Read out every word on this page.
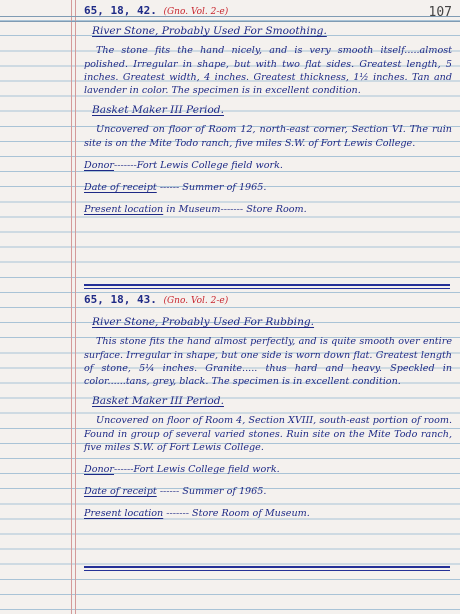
107
65, 18, 42. (Gno. Vol. 2-e)
River Stone, Probably Used For Smoothing.

The stone fits the hand nicely, and is very smooth itself.....almost polished. Irregular in shape, but with two flat sides. Greatest length, 5 inches. Greatest width, 4 inches. Greatest thickness, 1½ inches. Tan and lavender in color. The specimen is in excellent condition.

Basket Maker III Period.

Uncovered on floor of Room 12, north-east corner, Section VI. The ruin site is on the Mite Todo ranch, five miles S.W. of Fort Lewis College.

Donor-------Fort Lewis College field work.
Date of receipt ------ Summer of 1965.
Present location in Museum------- Store Room.
65, 18, 43. (Gno. Vol. 2-e)
River Stone, Probably Used For Rubbing.

This stone fits the hand almost perfectly, and is quite smooth over entire surface. Irregular in shape, but one side is worn down flat. Greatest length of stone, 5¼ inches. Granite..... thus hard and heavy. Speckled in color......tans, grey, black. The specimen is in excellent condition.

Basket Maker III Period.

Uncovered on floor of Room 4, Section XVIII, south-east portion of room. Found in group of several varied stones. Ruin site on the Mite Todo ranch, five miles S.W. of Fort Lewis College.

Donor------Fort Lewis College field work.
Date of receipt ------ Summer of 1965.
Present location ------- Store Room of Museum.
